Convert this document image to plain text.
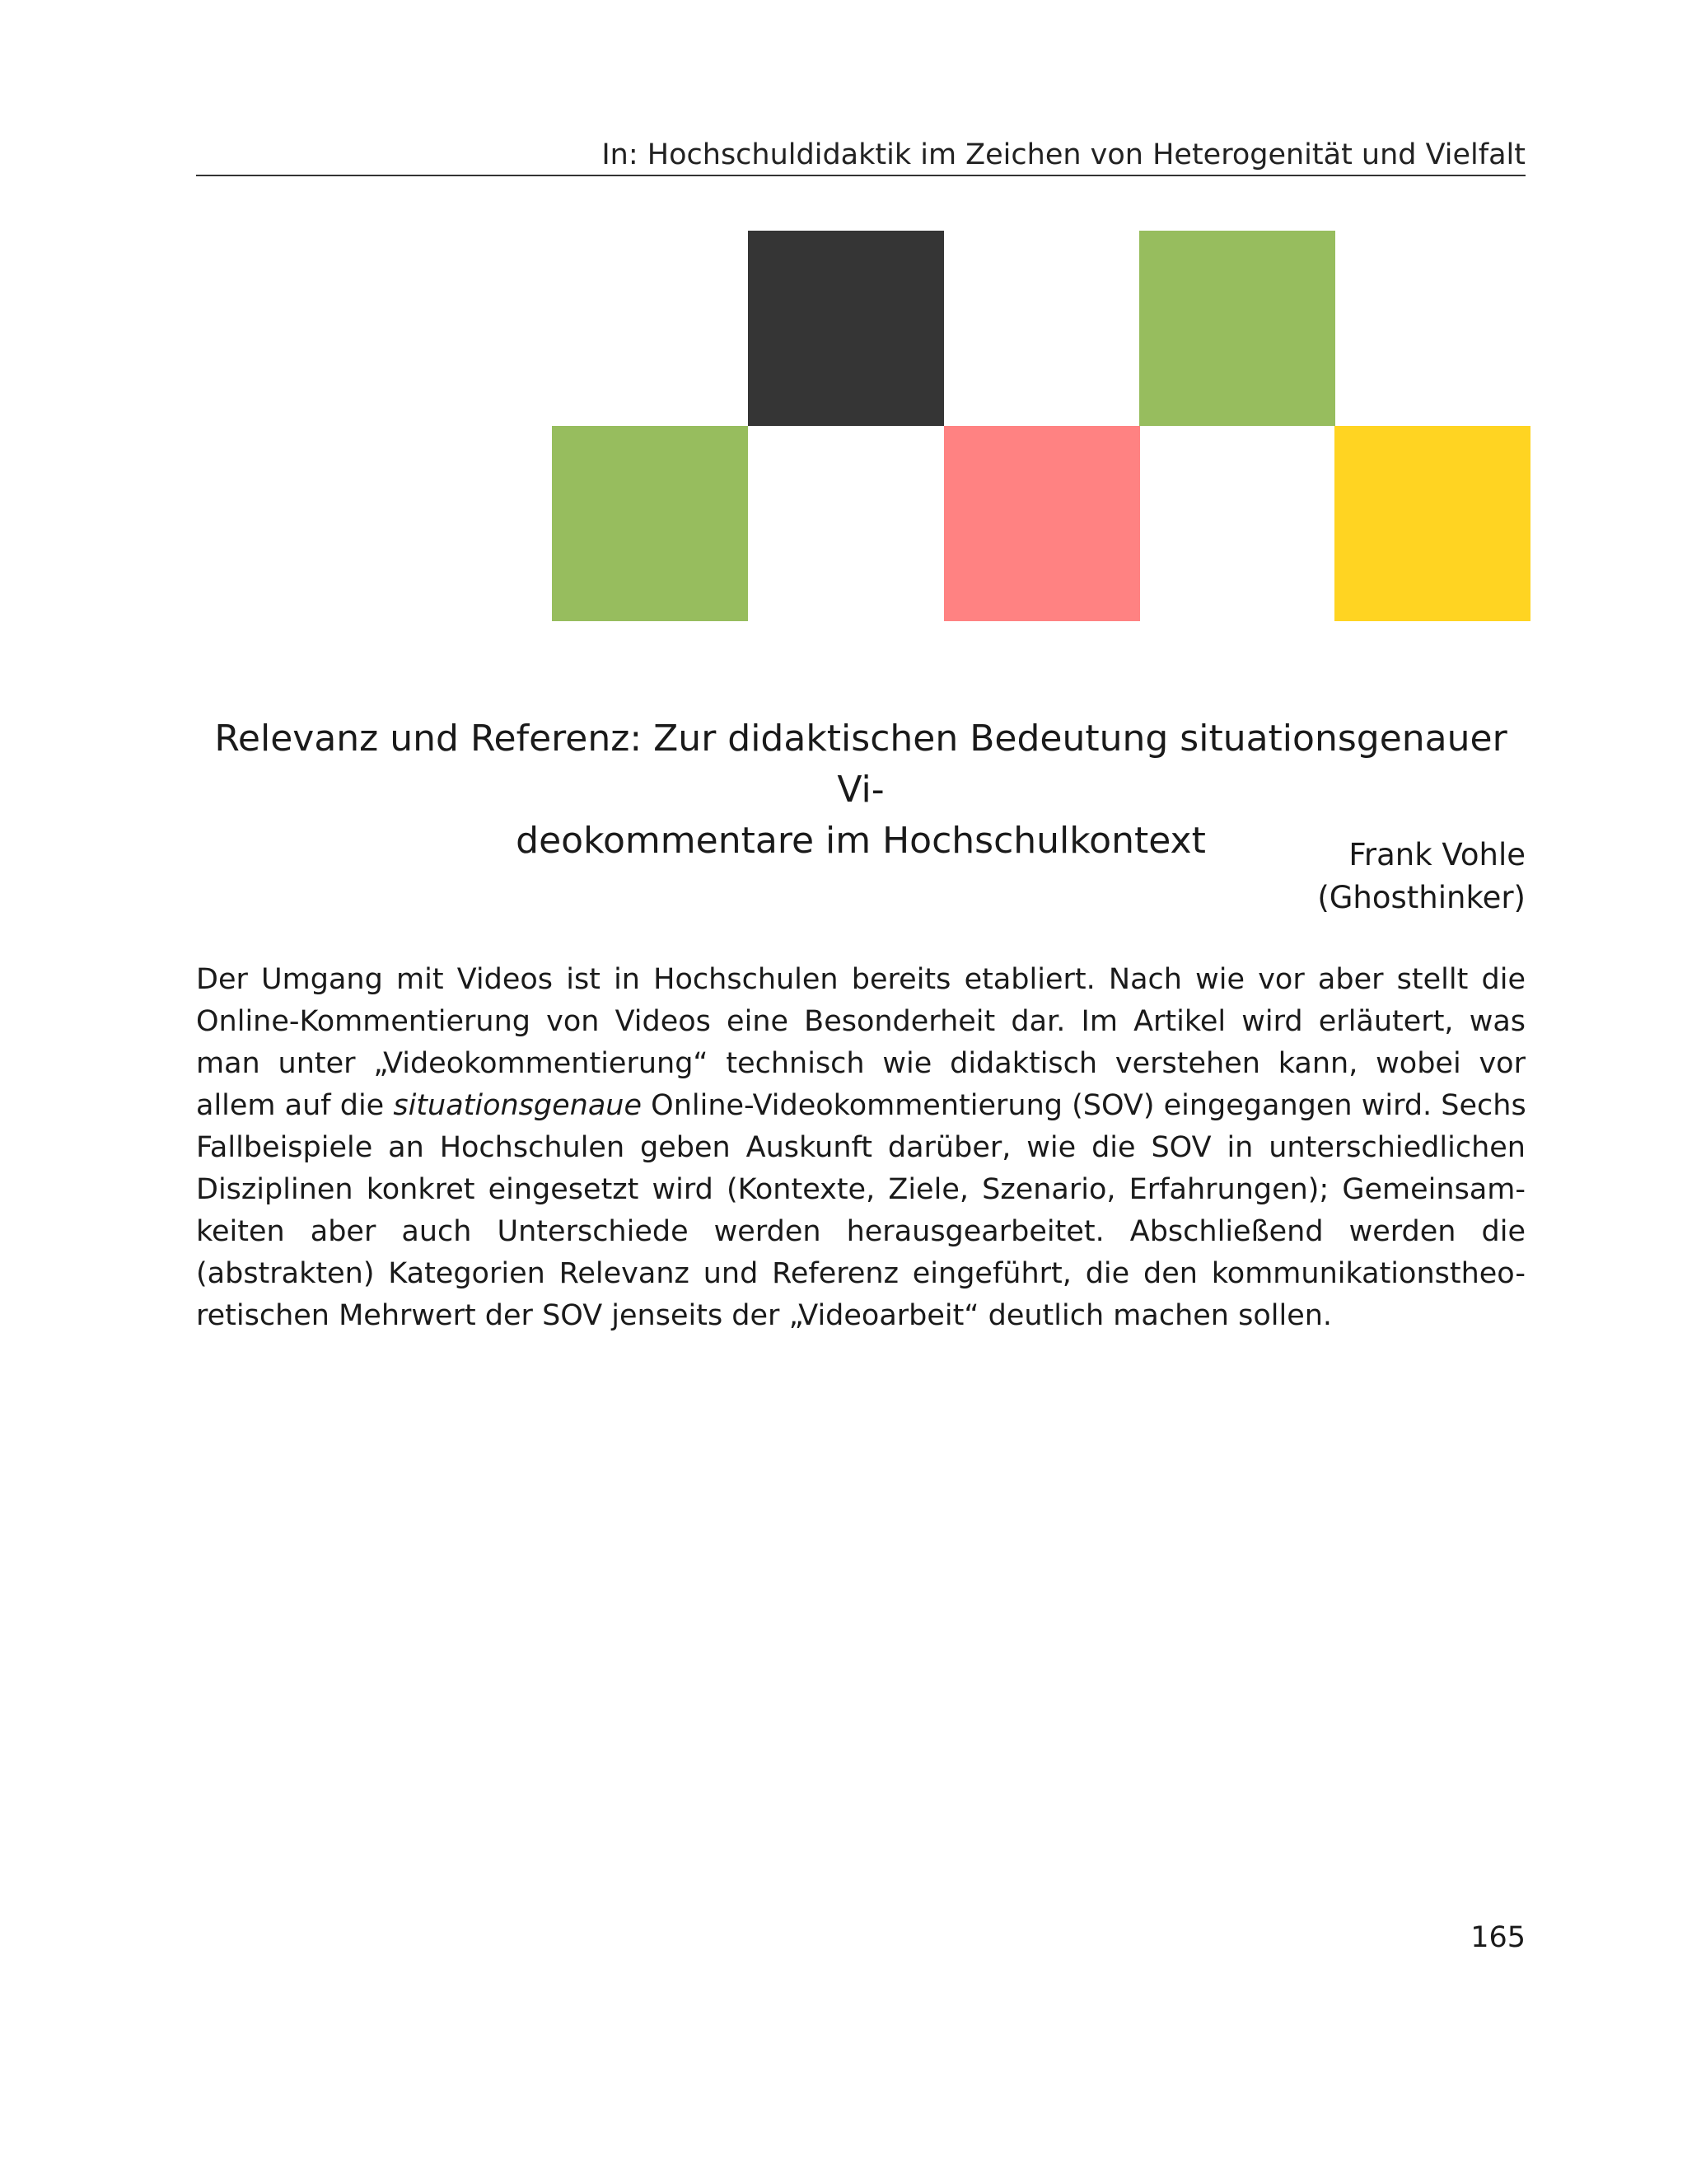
In: Hochschuldidaktik im Zeichen von Heterogenität und Vielfalt
Relevanz und Referenz: Zur didaktischen Bedeutung situationsgenauer Vi-
deokommentare im Hochschulkontext	Frank Vohle
(Ghosthinker)
Der Umgang mit Videos ist in Hochschulen bereits etabliert. Nach wie vor aber stellt die
Online-Kommentierung von Videos eine Besonderheit dar. Im Artikel wird erläutert, was
man unter „Videokommentierung“ technisch wie didaktisch verstehen kann, wobei vor
allem auf die situationsgenaue Online-Videokommentierung (SOV) eingegangen wird. Sechs
Fallbeispiele an Hochschulen geben Auskunft darüber, wie die SOV in unterschiedlichen
Disziplinen konkret eingesetzt wird (Kontexte, Ziele, Szenario, Erfahrungen); Gemeinsam-
keiten aber auch Unterschiede werden herausgearbeitet. Abschließend werden die
(abstrakten) Kategorien Relevanz und Referenz eingeführt, die den kommunikationstheo-
retischen Mehrwert der SOV jenseits der „Videoarbeit“ deutlich machen sollen.
165
